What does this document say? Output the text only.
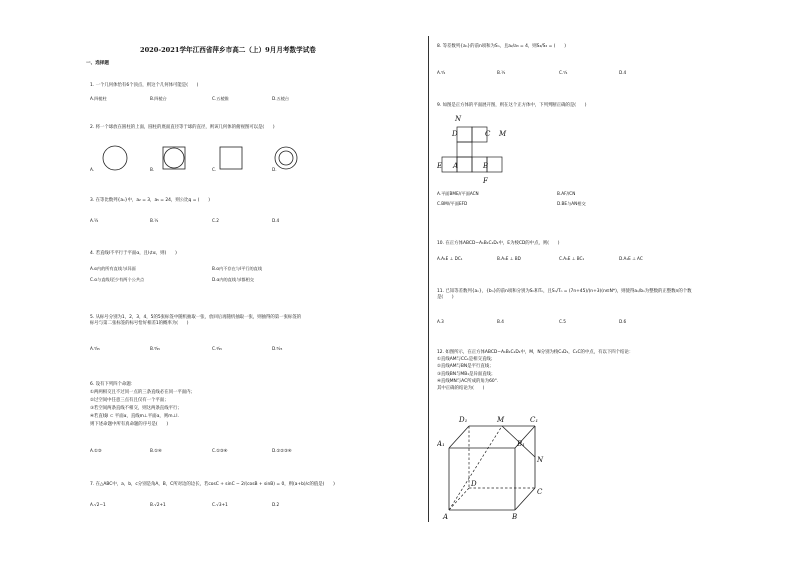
2020-2021学年江西省萍乡市高二（上）9月月考数学试卷
一、选择题
1. 一个几何体恰有6个顶点，则这个几何体可能是(　　)
A.四棱柱	B.四棱台	C.五棱锥	D.五棱台
2. 将一个球放在圆柱的上面，圆柱的底面直径等于球的直径，则该几何体的俯视图可以是(　　)
A.	B.	C.	D.
3. 在等比数列{aₙ}中，a₂ = 3，a₅ = 24，则公比q = (　　)
A.¼	B.½	C.2	D.4
4. 若直线l不平行于平面α，且l⊄α，则(　　)
A.α内的所有直线与l异面	B.α内不存在与l平行的直线
C.α与直线l至少有两个公共点	D.α内的直线与l都相交
5. 从标号分别为1，2，3，4，5的5张标签中随机抽取一张，放回后再随机抽取一张，则抽得的第一张标签的
标号与第二张标签的标号恰好相差1的概率为(　　)
A.⁹⁄₂₅	B.⁸⁄₂₅	C.⁴⁄₂₅	D.⁸⁄₂₅
6. 设有下列四个命题：
①两两相交且不过同一点的三条直线必在同一平面内；
②过空间中任意三点有且仅有一个平面；
③若空间两条直线不相交，则这两条直线平行；
④若直线l ⊂ 平面α，直线m⊥平面α，则m⊥l.
则下述命题中所有真命题的序号是(　　)
A.①③	B.①④	C.①③④	D.①②③④
7. 在△ABC中，a，b，c分别是角A，B，C所对边的边长，若cosC + sinC − 2/(cosB + sinB) = 0，则(a+b)/c的值是(　　)
A.√2−1	B.√2+1	C.√3+1	D.2
8. 等差数列{aₙ}的前n项和为Sₙ，且a₂/a₃ = 4，则S₄/S₂ = (　　)
A.⁹⁄₄	B.½	C.⁵⁄₄	D.4
9. 如图是正方体的平面展开图，则在这个正方体中，下列判断正确的是(　　)
N
D	C M
E A	B
F
A.平面BME//平面ACN	B.AF//CN
C.BM//平面EFD	D.BE与AN相交
10. 在正方体ABCD−A₁B₁C₁D₁中，E为棱CD的中点，则(　　)
A.A₁E ⊥ DC₁	B.A₁E ⊥ BD	C.A₁E ⊥ BC₁	D.A₁E ⊥ AC
11. 已知等差数列{aₙ}，{bₙ}的前n项和分别为Sₙ和Tₙ，且Sₙ/Tₙ = (7n+45)/(n+3)(n∈N*)，则使得aₙ/bₙ为整数的正整数n的个数
是(　　)
A.3	B.4	C.5	D.6
12. 如图所示，在正方体ABCD−A₁B₁C₁D₁中，M，N分别为棱C₁D₁，C₁C的中点，有以下四个结论：
①直线AM与CC₁是相交直线；
②直线AM与BN是平行直线；
③直线BN与MB₁是异面直线；
④直线MN与AC所成的角为60°.
其中正确的结论为(　　)
D₁	M	C₁
A₁	B₁
N
D
C
A	B
